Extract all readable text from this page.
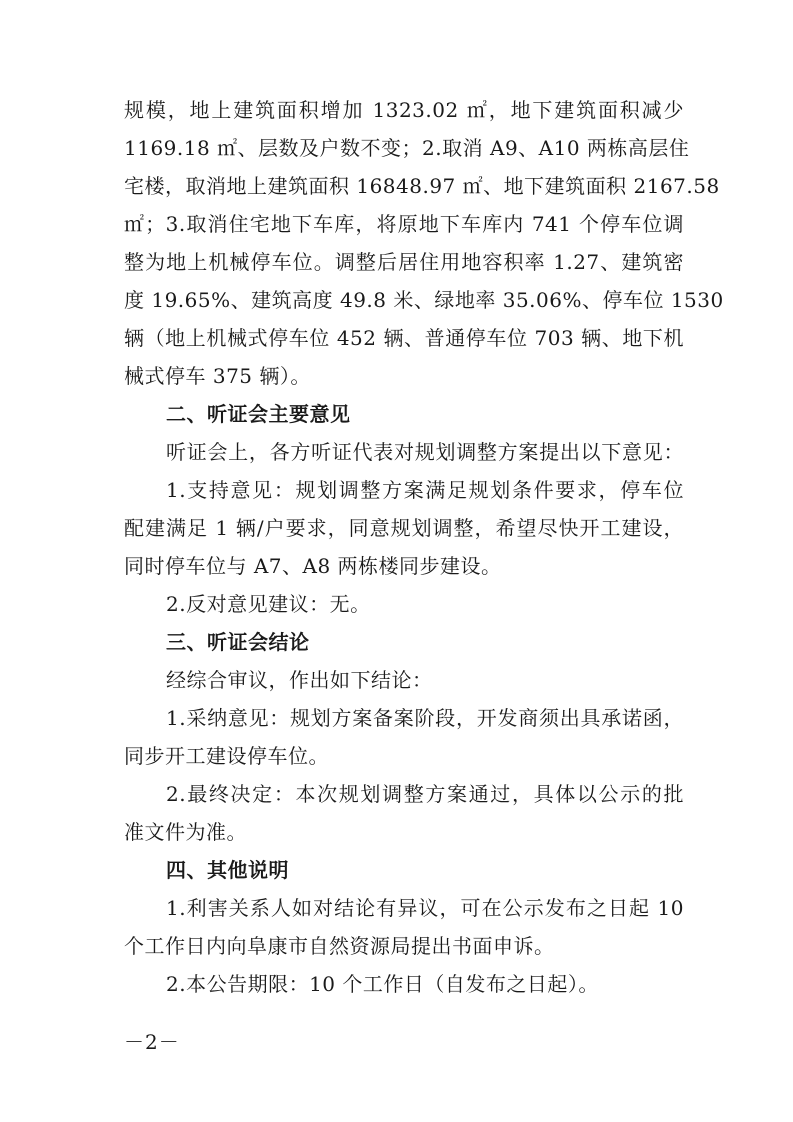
规模，地上建筑面积增加 1323.02 ㎡，地下建筑面积减少
1169.18 ㎡、层数及户数不变；2.取消 A9、A10 两栋高层住
宅楼，取消地上建筑面积 16848.97 ㎡、地下建筑面积 2167.58
㎡；3.取消住宅地下车库，将原地下车库内 741 个停车位调
整为地上机械停车位。调整后居住用地容积率 1.27、建筑密
度 19.65%、建筑高度 49.8 米、绿地率 35.06%、停车位 1530
辆（地上机械式停车位 452 辆、普通停车位 703 辆、地下机
械式停车 375 辆）。
二、听证会主要意见
听证会上，各方听证代表对规划调整方案提出以下意见：
1.支持意见：规划调整方案满足规划条件要求，停车位
配建满足 1 辆/户要求，同意规划调整，希望尽快开工建设，
同时停车位与 A7、A8 两栋楼同步建设。
2.反对意见建议：无。
三、听证会结论
经综合审议，作出如下结论：
1.采纳意见：规划方案备案阶段，开发商须出具承诺函，
同步开工建设停车位。
2.最终决定：本次规划调整方案通过，具体以公示的批
准文件为准。
四、其他说明
1.利害关系人如对结论有异议，可在公示发布之日起 10
个工作日内向阜康市自然资源局提出书面申诉。
2.本公告期限：10 个工作日（自发布之日起）。
－2－
